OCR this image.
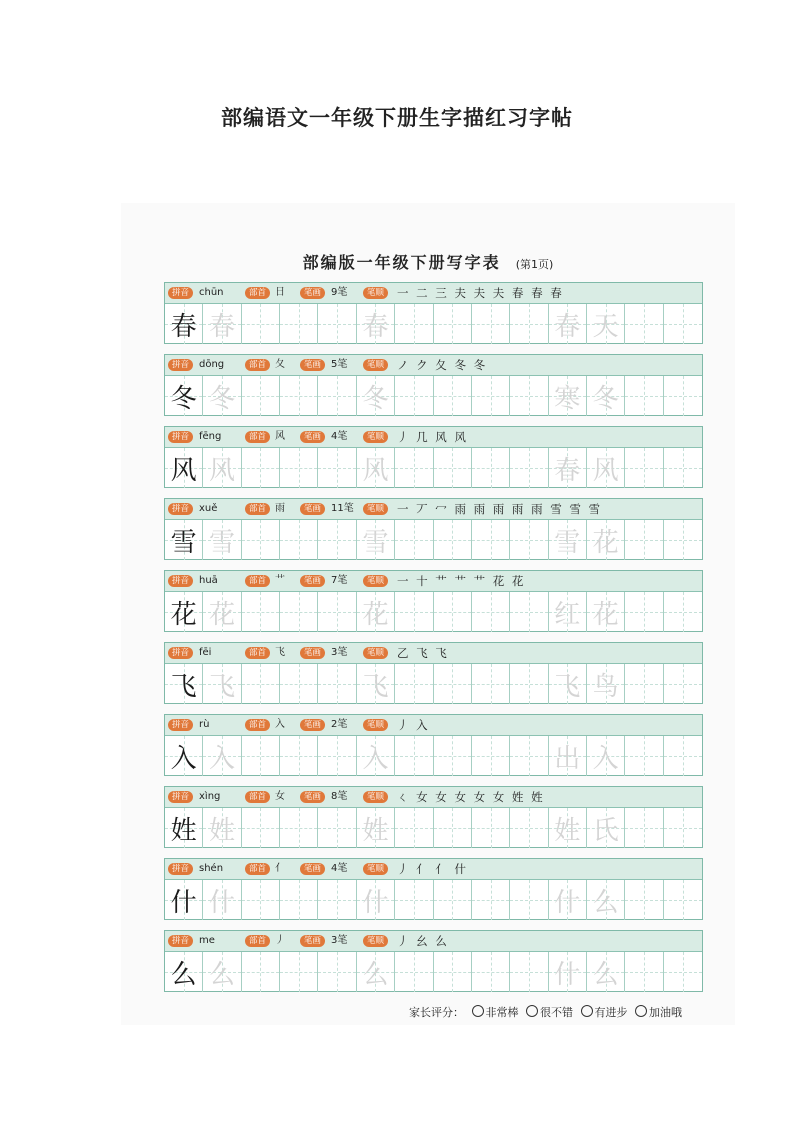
部编语文一年级下册生字描红习字帖
部编版一年级下册写字表 (第1页)
拼音 chūn	部首 日	笔画 9笔	笔顺	一 二 三 夫 夫 夫 春 春 春
春 春	春	春 天
拼音 dōng	部首 夂	笔画 5笔	笔顺	ノ ク 夂 冬 冬
冬 冬	冬	寒 冬
拼音 fēng	部首 风	笔画 4笔	笔顺	丿 几 风 风
风 风	风	春 风
拼音 xuě	部首 雨	笔画 11笔	笔顺	一 丆 冖 雨 雨 雨 雨 雨 雪 雪 雪
雪 雪	雪	雪 花
拼音 huā	部首 艹	笔画 7笔	笔顺	一 十 艹 艹 艹 花 花
花 花	花	红 花
拼音 fēi	部首 飞	笔画 3笔	笔顺	乙 飞 飞
飞 飞	飞	飞 鸟
拼音 rù	部首 入	笔画 2笔	笔顺	丿 入
入 入	入	出 入
拼音 xìng	部首 女	笔画 8笔	笔顺	ㄑ 女 女 女 女 女 姓 姓
姓 姓	姓	姓 氏
拼音 shén	部首 亻	笔画 4笔	笔顺	丿 亻 亻 什
什 什	什	什 么
拼音 me	部首 丿	笔画 3笔	笔顺	丿 幺 么
么 么	么	什 么
家长评分： 非常棒 很不错 有进步 加油哦
